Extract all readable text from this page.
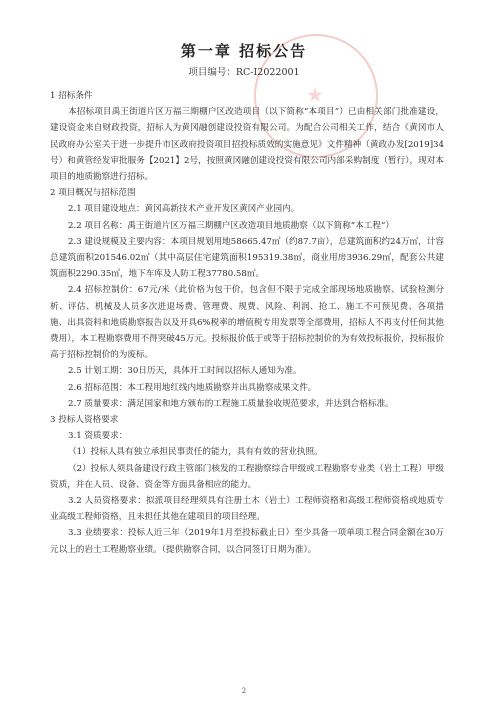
第一章 招标公告
项目编号：RC-I2022001

1 招标条件

本招标项目禹王街道片区万福三期棚户区改造项目（以下简称“本项目”）已由相关部门批准建设，建设资金来自财政投资，招标人为黄冈融创建设投资有限公司。为配合公司相关工作，结合《黄冈市人民政府办公室关于进一步提升市区政府投资项目招投标质效的实施意见》文件精神（黄政办发[2019]34号）和黄管经发审批服务【2021】2号，按照黄冈融创建设投资有限公司内部采购制度（暂行），现对本项目的地质勘察进行招标。

2 项目概况与招标范围

2.1 项目建设地点：黄冈高新技术产业开发区黄冈产业园内。

2.2 项目名称：禹王街道片区万福三期棚户区改造项目地质勘察（以下简称“本工程”）

2.3 建设规模及主要内容：本项目规划用地58665.47㎡（约87.7亩），总建筑面积约24万㎡，计容总建筑面积201546.02㎡（其中高层住宅建筑面积195319.38㎡，商业用房3936.29㎡，配套公共建筑面积2290.35㎡，地下车库及人防工程37780.58㎡。

2.4 招标控制价：67元/米（此价格为包干价，包含但不限于完成全部现场地质勘察、试验检测分析、评估、机械及人员多次进退场费、管理费、规费、风险、利润、抢工、施工不可预见费、各项措施、出具资料和地质勘察报告以及开具6%税率的增值税专用发票等全部费用，招标人不再支付任何其他费用），本工程勘察费用不得突破45万元。投标报价低于或等于招标控制价的为有效投标报价，投标报价高于招标控制价的为废标。

2.5 计划工期：30日历天，具体开工时间以招标人通知为准。

2.6 招标范围：本工程用地红线内地质勘察并出具勘察成果文件。

2.7 质量要求：满足国家和地方颁布的工程施工质量验收规范要求，并达到合格标准。

3 投标人资格要求

3.1 资质要求：

（1）投标人具有独立承担民事责任的能力，具有有效的营业执照。

（2）投标人须具备建设行政主管部门核发的工程勘察综合甲级或工程勘察专业类（岩土工程）甲级资质，并在人员、设备、资金等方面具备相应的能力。

3.2 人员资格要求：拟派项目经理须具有注册土木（岩土）工程师资格和高级工程师资格或地质专业高级工程师资格，且未担任其他在建项目的项目经理。

3.3 业绩要求：投标人近三年（2019年1月至投标截止日）至少具备一项单项工程合同金额在30万元以上的岩土工程勘察业绩。（提供勘察合同，以合同签订日期为准）。

2
